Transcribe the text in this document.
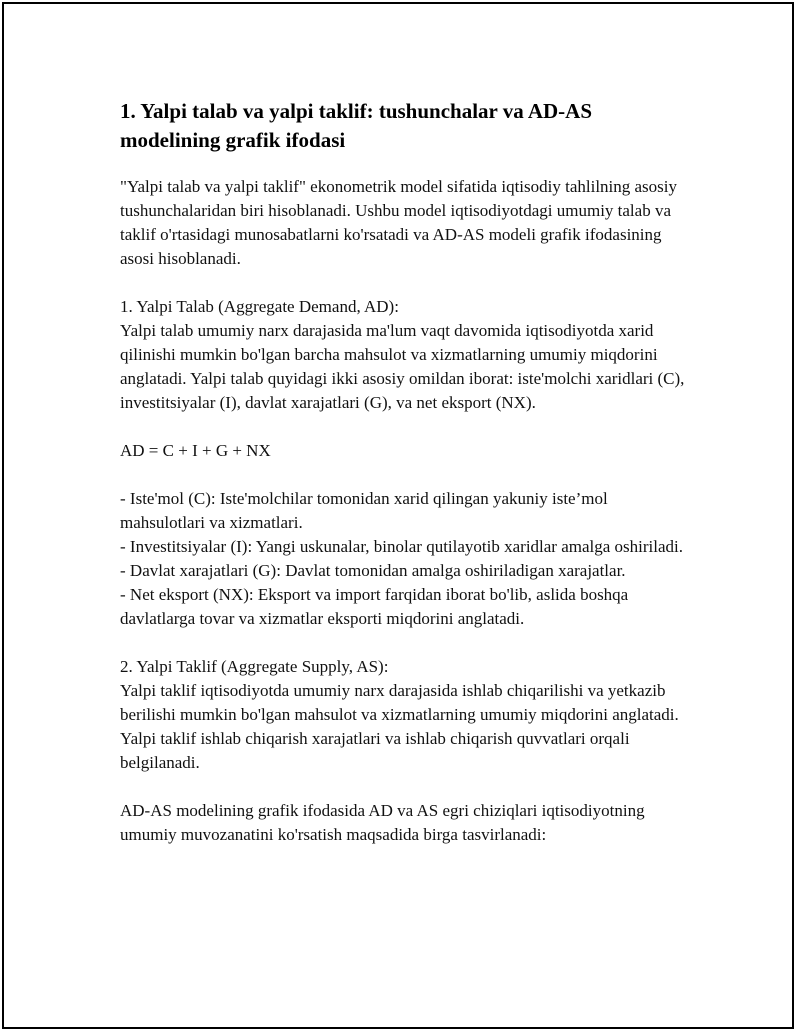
1. Yalpi talab va yalpi taklif: tushunchalar va AD-AS modelining grafik ifodasi

"Yalpi talab va yalpi taklif" ekonometrik model sifatida iqtisodiy tahlilning asosiy tushunchalaridan biri hisoblanadi. Ushbu model iqtisodiyotdagi umumiy talab va taklif o'rtasidagi munosabatlarni ko'rsatadi va AD-AS modeli grafik ifodasining asosi hisoblanadi.

1. Yalpi Talab (Aggregate Demand, AD):
Yalpi talab umumiy narx darajasida ma'lum vaqt davomida iqtisodiyotda xarid qilinishi mumkin bo'lgan barcha mahsulot va xizmatlarning umumiy miqdorini anglatadi. Yalpi talab quyidagi ikki asosiy omildan iborat: iste'molchi xaridlari (C), investitsiyalar (I), davlat xarajatlari (G), va net eksport (NX).

AD = C + I + G + NX

- Iste'mol (C): Iste'molchilar tomonidan xarid qilingan yakuniy iste’mol mahsulotlari va xizmatlari.
- Investitsiyalar (I): Yangi uskunalar, binolar qutilayotib xaridlar amalga oshiriladi.
- Davlat xarajatlari (G): Davlat tomonidan amalga oshiriladigan xarajatlar.
- Net eksport (NX): Eksport va import farqidan iborat bo'lib, aslida boshqa davlatlarga tovar va xizmatlar eksporti miqdorini anglatadi.

2. Yalpi Taklif (Aggregate Supply, AS):
Yalpi taklif iqtisodiyotda umumiy narx darajasida ishlab chiqarilishi va yetkazib berilishi mumkin bo'lgan mahsulot va xizmatlarning umumiy miqdorini anglatadi. Yalpi taklif ishlab chiqarish xarajatlari va ishlab chiqarish quvvatlari orqali belgilanadi.

AD-AS modelining grafik ifodasida AD va AS egri chiziqlari iqtisodiyotning umumiy muvozanatini ko'rsatish maqsadida birga tasvirlanadi:
